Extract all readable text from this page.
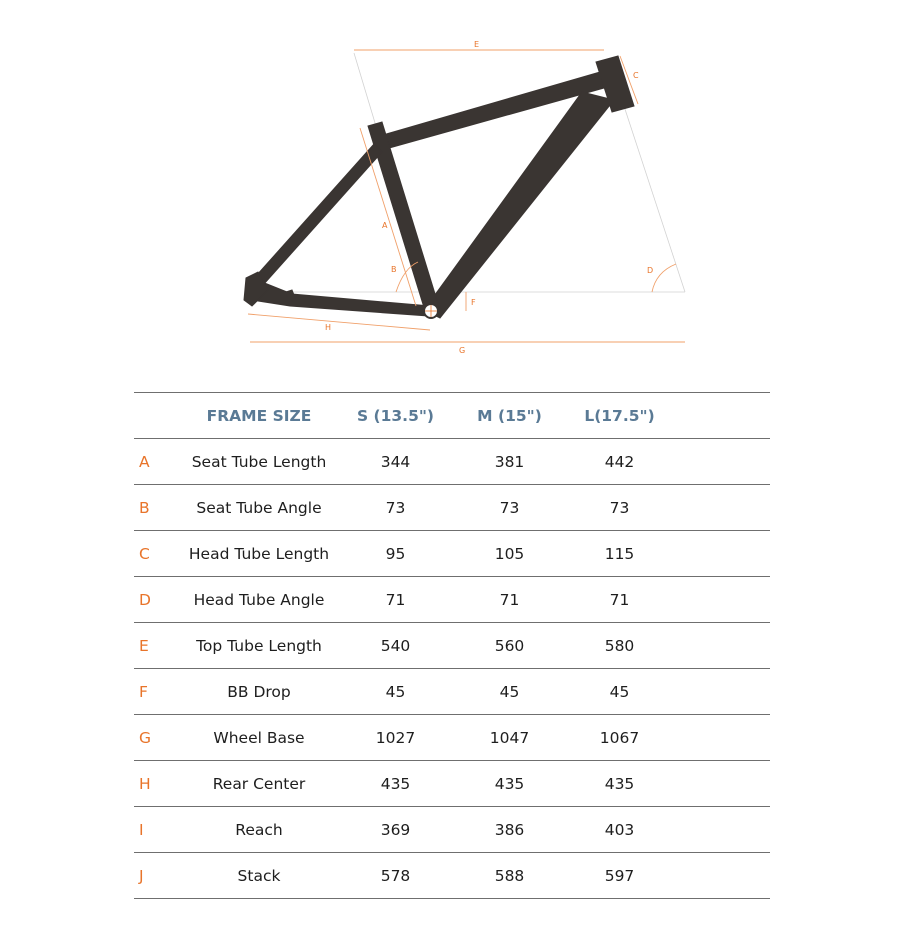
E
C
A
B	D
F
H
G
	FRAME SIZE	S (13.5")	M (15")	L(17.5")	
A	Seat Tube Length	344	381	442	
B	Seat Tube Angle	73	73	73	
C	Head Tube Length	95	105	115	
D	Head Tube Angle	71	71	71	
E	Top Tube Length	540	560	580	
F	BB Drop	45	45	45	
G	Wheel Base	1027	1047	1067	
H	Rear Center	435	435	435	
I	Reach	369	386	403	
J	Stack	578	588	597	
